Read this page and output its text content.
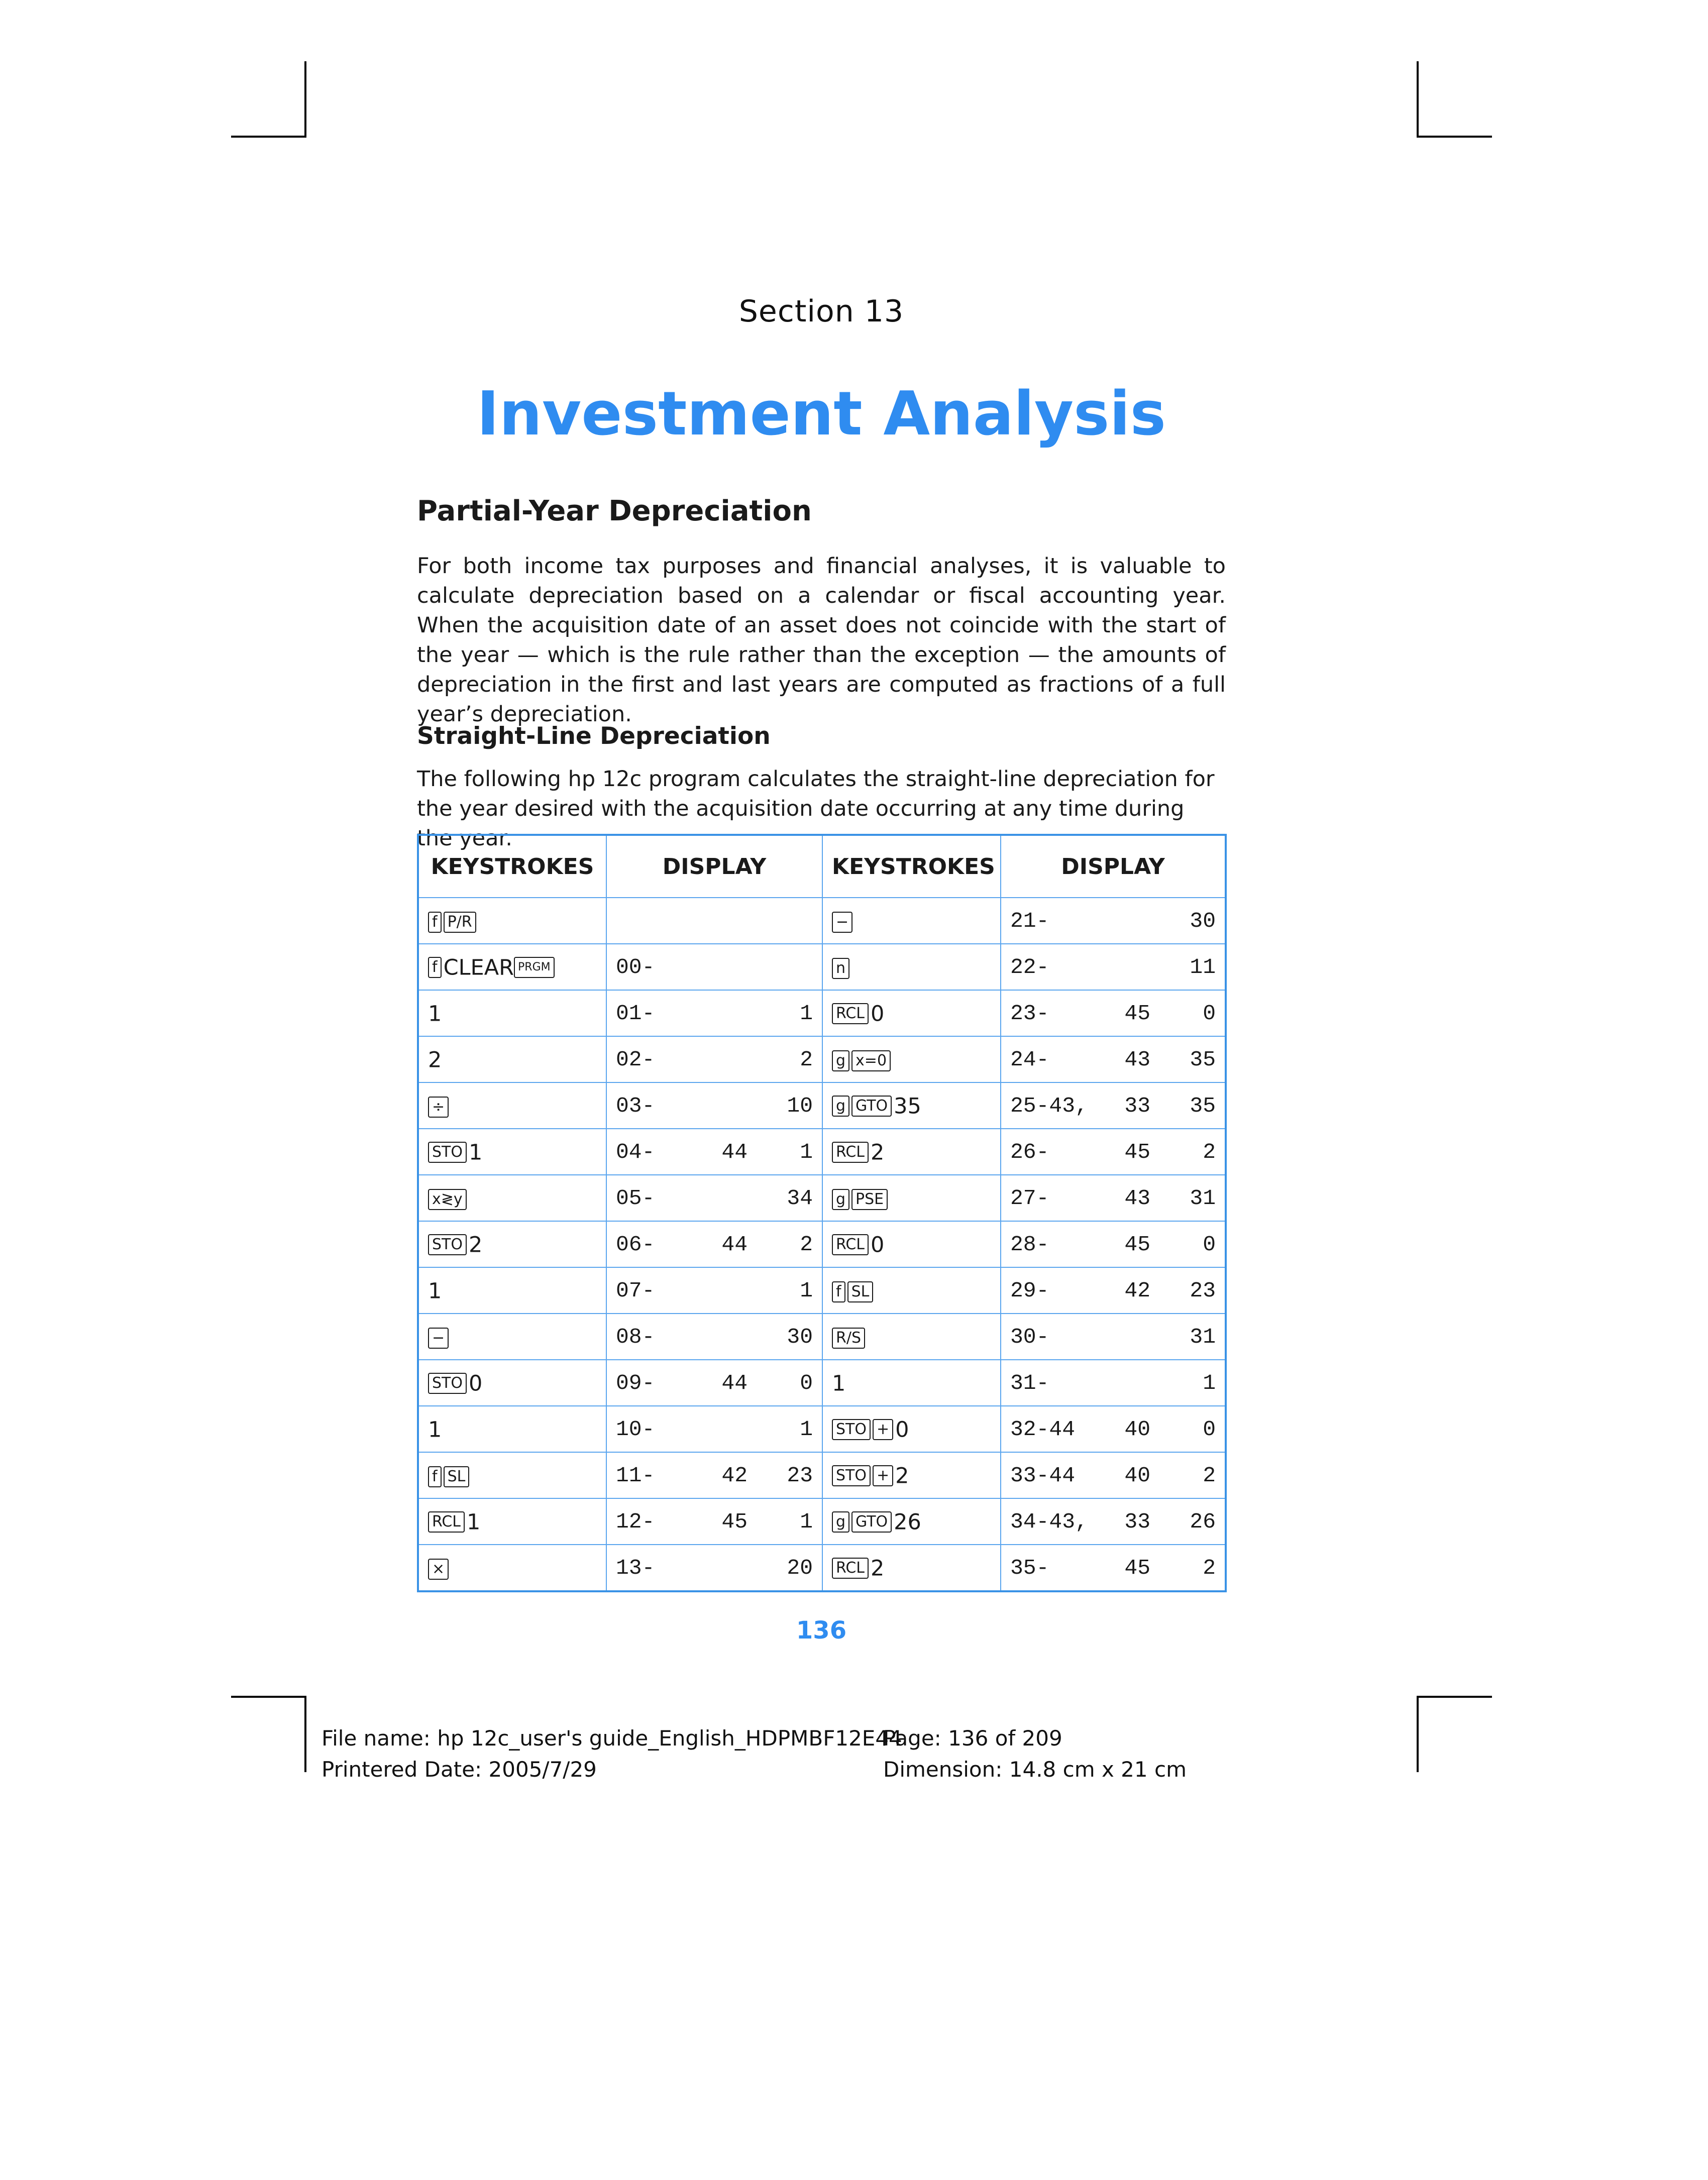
Section 13
Investment Analysis
Partial-Year Depreciation
For both income tax purposes and financial analyses, it is valuable to calculate depreciation based on a calendar or fiscal accounting year. When the acquisition date of an asset does not coincide with the start of the year — which is the rule rather than the exception — the amounts of depreciation in the first and last years are computed as fractions of a full year’s depreciation.
Straight-Line Depreciation
The following hp 12c program calculates the straight-line depreciation for the year desired with the acquisition date occurring at any time during the year.
KEYSTROKES	DISPLAY	KEYSTROKES	DISPLAY
f P/R		−	21- 30

f CLEAR PRGM	00-	n	22- 11

1	01- 1	RCL 0	23- 45 0

2	02- 2	g x=0	24- 43 35

÷	03- 10	g GTO 35	25-43, 33 35

STO 1	04- 44 1	RCL 2	26- 45 2

x≷y	05- 34	g PSE	27- 43 31

STO 2	06- 44 2	RCL 0	28- 45 0

1	07- 1	f SL	29- 42 23

−	08- 30	R/S	30- 31

STO 0	09- 44 0	1	31- 1

1	10- 1	STO + 0	32-44 40 0

f SL	11- 42 23	STO + 2	33-44 40 2

RCL 1	12- 45 1	g GTO 26	34-43, 33 26

×	13- 20	RCL 2	35- 45 2
136
File name: hp 12c_user's guide_English_HDPMBF12E44
Printered Date: 2005/7/29
Page: 136 of 209
Dimension: 14.8 cm x 21 cm
